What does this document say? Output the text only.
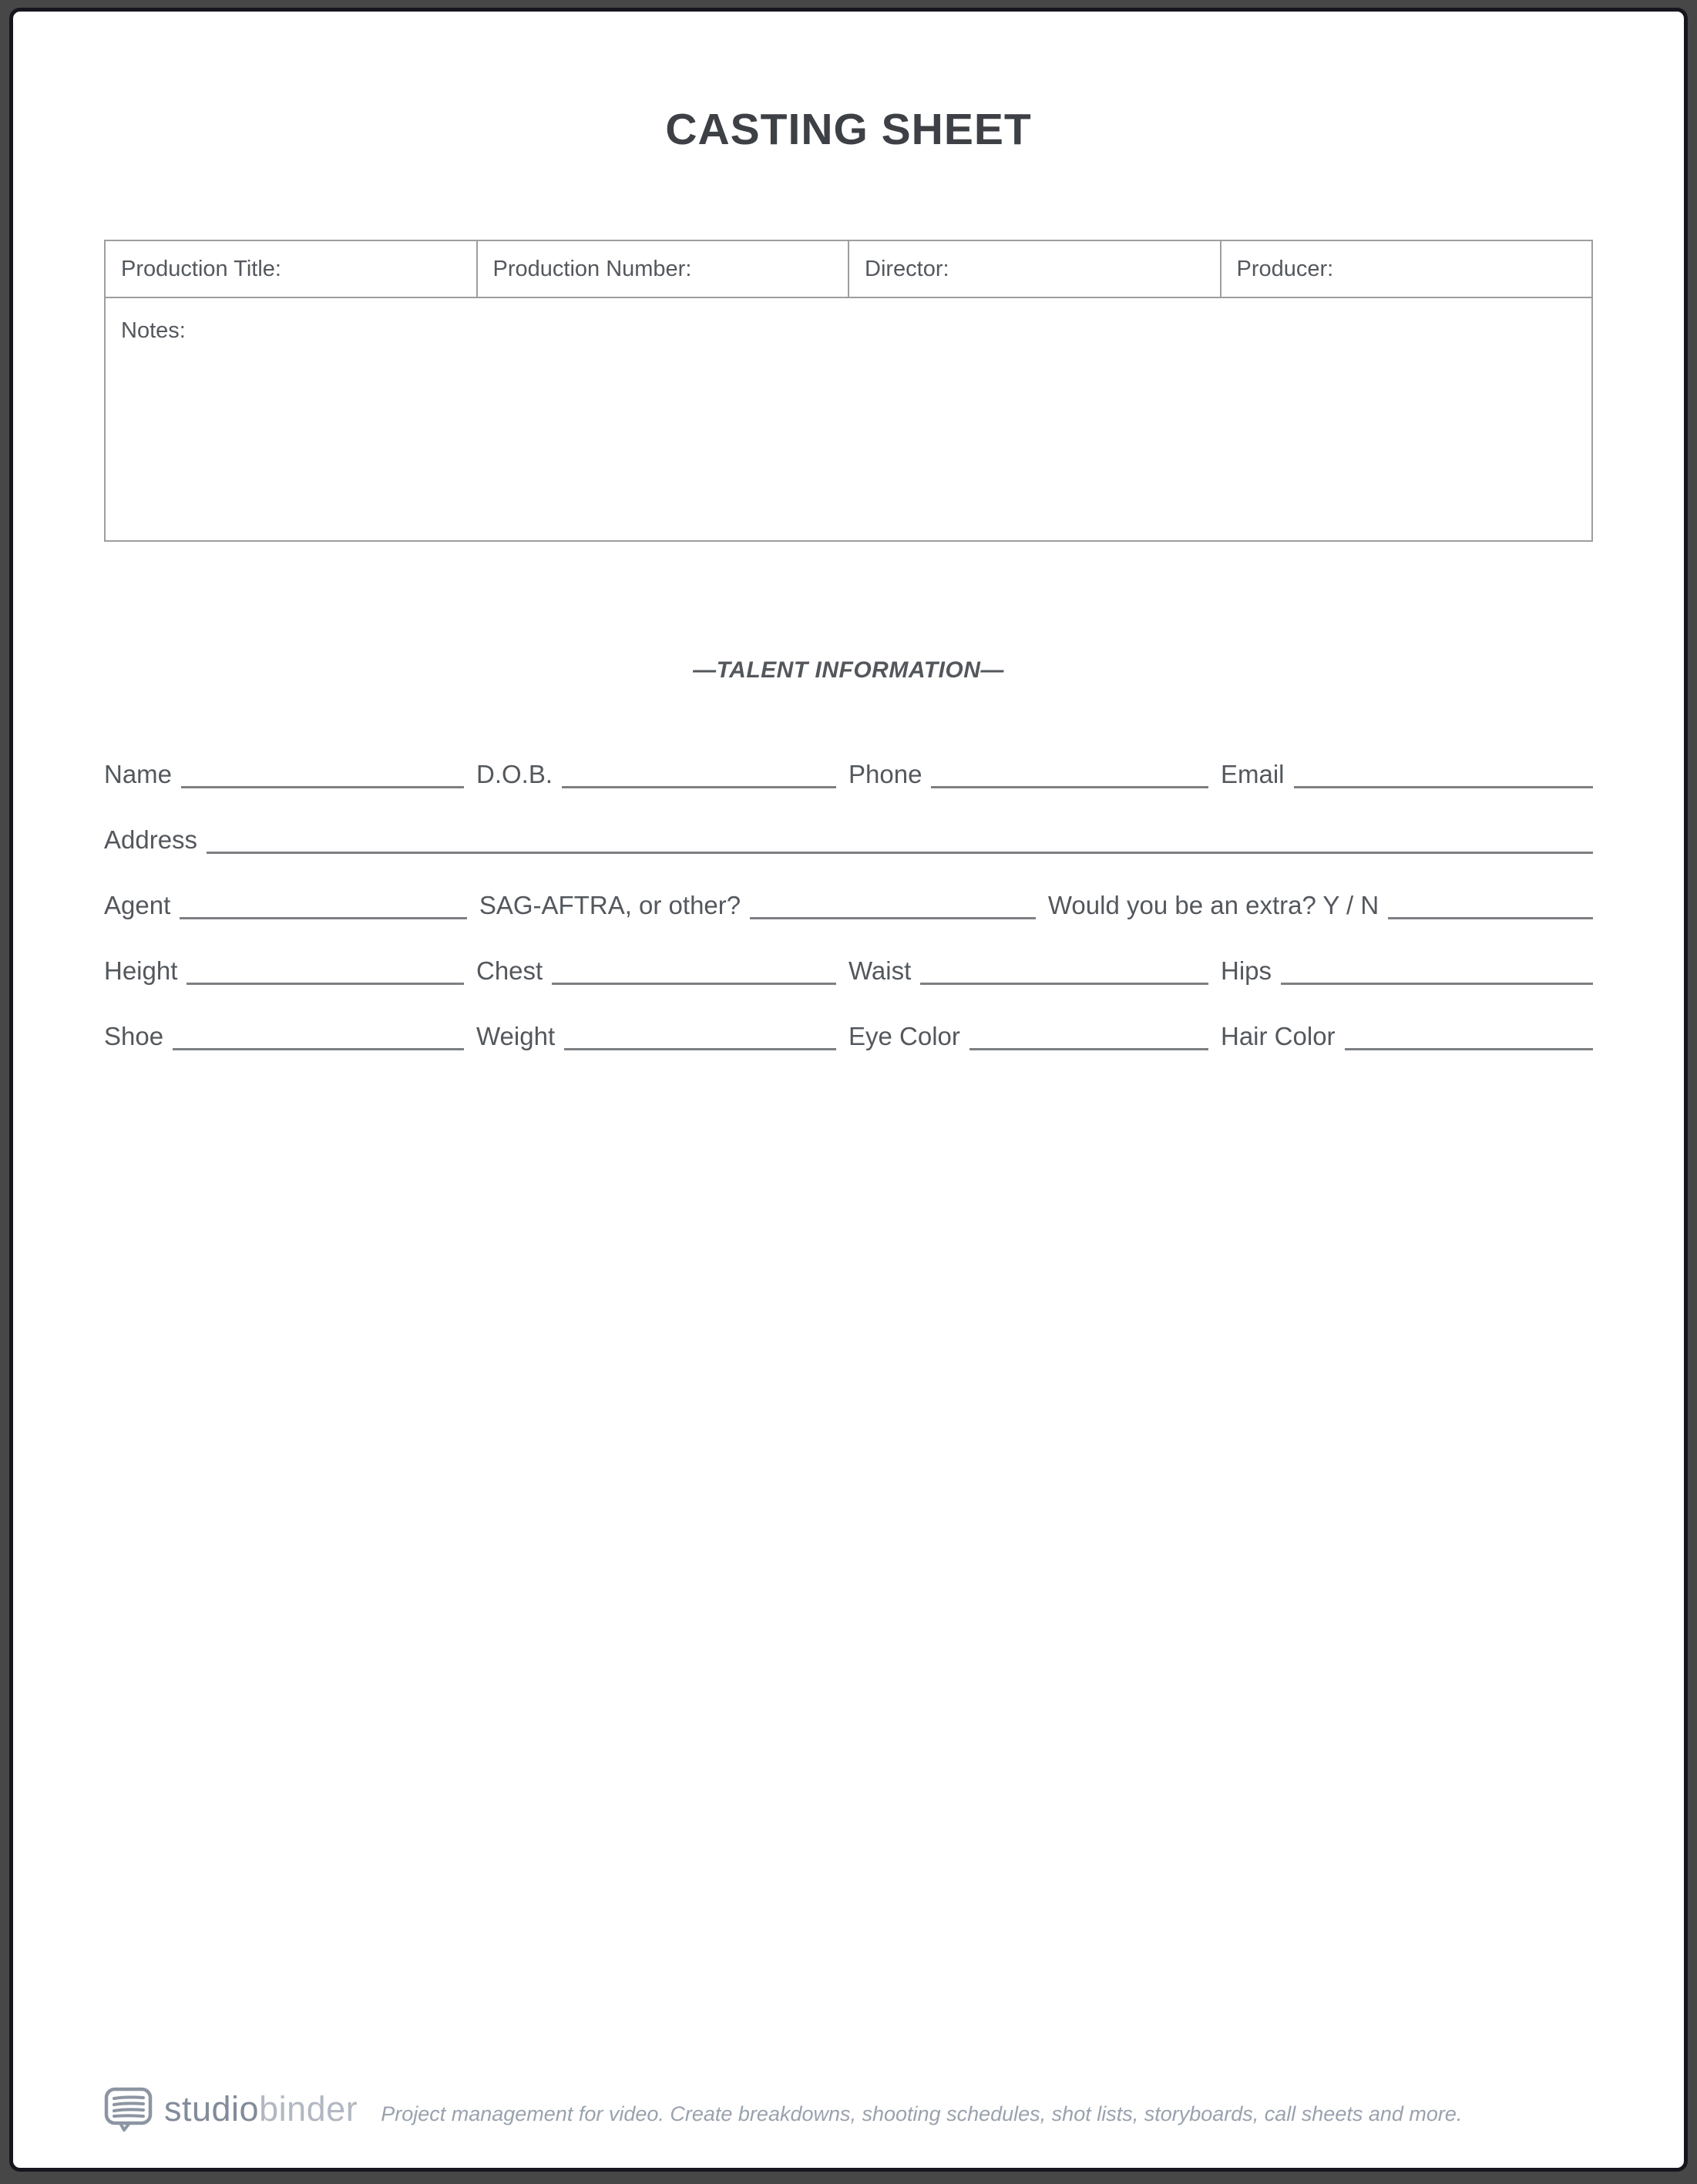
CASTING SHEET
Production Title:	Production Number:	Director:	Producer:
Notes:
—TALENT INFORMATION—
Name	D.O.B.	Phone	Email
Address
Agent	SAG-AFTRA, or other?	Would you be an extra? Y / N
Height	Chest	Waist	Hips
Shoe	Weight	Eye Color	Hair Color
studiobinder Project management for video. Create breakdowns, shooting schedules, shot lists, storyboards, call sheets and more.
